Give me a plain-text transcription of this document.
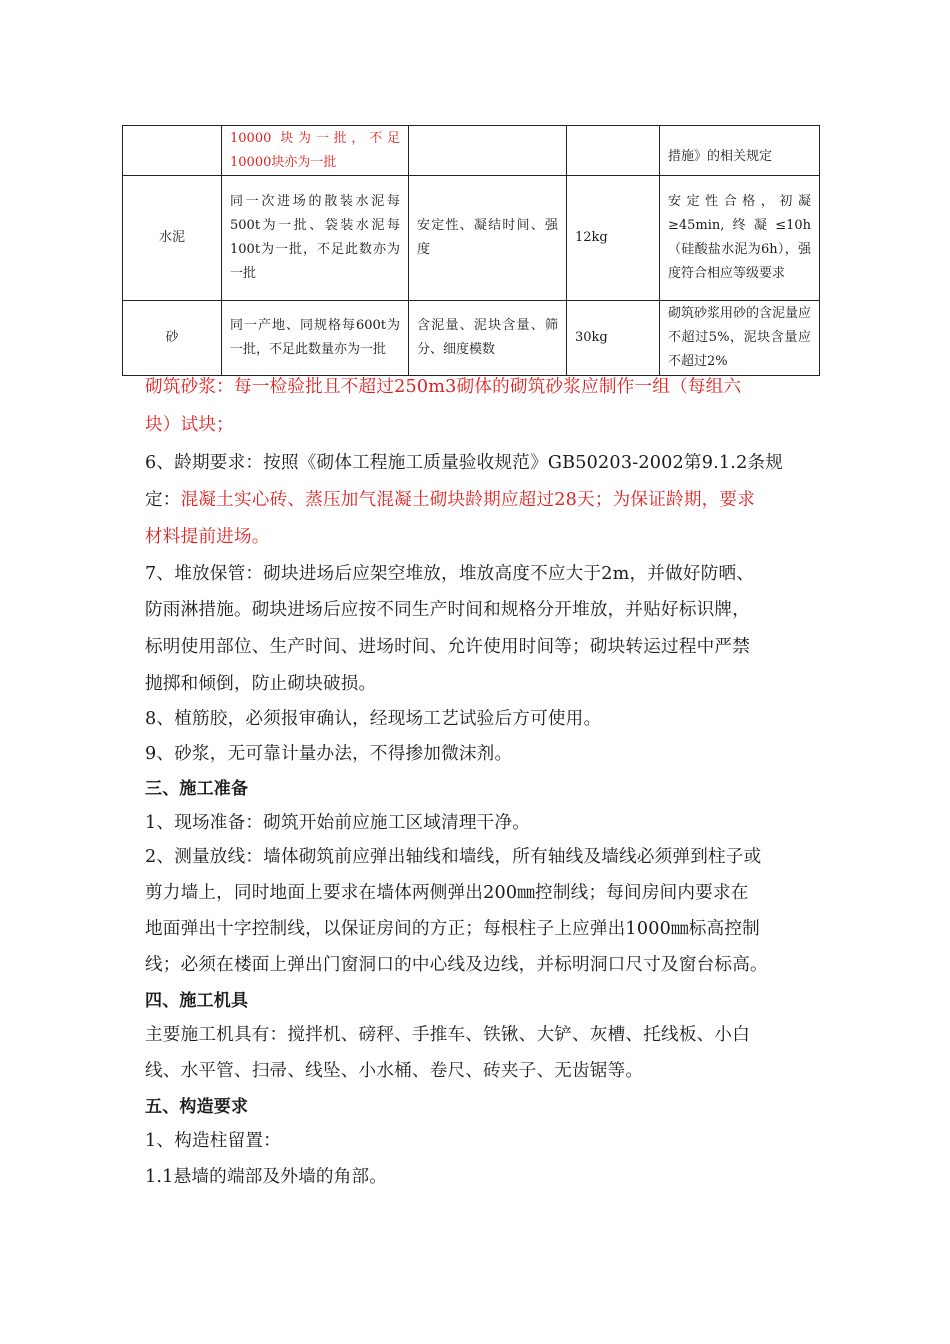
	10000 块为一批，不足10000块亦为一批			措施》的相关规定
水泥	同一次进场的散装水泥每500t为一批、袋装水泥每100t为一批，不足此数亦为一批	安定性、凝结时间、强度	12kg	安定性合格，初凝≥45min,终凝≤10h（硅酸盐水泥为6h），强度符合相应等级要求
砂	同一产地、同规格每600t为一批，不足此数量亦为一批	含泥量、泥块含量、筛分、细度模数	30kg	砌筑砂浆用砂的含泥量应不超过5%，泥块含量应不超过2%
砌筑砂浆：每一检验批且不超过250m3砌体的砌筑砂浆应制作一组（每组六
块）试块；
6、龄期要求：按照《砌体工程施工质量验收规范》GB50203-2002第9.1.2条规
定：混凝土实心砖、蒸压加气混凝土砌块龄期应超过28天；为保证龄期，要求
材料提前进场。
7、堆放保管：砌块进场后应架空堆放，堆放高度不应大于2m，并做好防晒、
防雨淋措施。砌块进场后应按不同生产时间和规格分开堆放，并贴好标识牌，
标明使用部位、生产时间、进场时间、允许使用时间等；砌块转运过程中严禁
抛掷和倾倒，防止砌块破损。
8、植筋胶，必须报审确认，经现场工艺试验后方可使用。
9、砂浆，无可靠计量办法，不得掺加微沫剂。
三、施工准备
1、现场准备：砌筑开始前应施工区域清理干净。
2、测量放线：墙体砌筑前应弹出轴线和墙线，所有轴线及墙线必须弹到柱子或
剪力墙上，同时地面上要求在墙体两侧弹出200㎜控制线；每间房间内要求在
地面弹出十字控制线，以保证房间的方正；每根柱子上应弹出1000㎜标高控制
线；必须在楼面上弹出门窗洞口的中心线及边线，并标明洞口尺寸及窗台标高。
四、施工机具
主要施工机具有：搅拌机、磅秤、手推车、铁锹、大铲、灰槽、托线板、小白
线、水平管、扫帚、线坠、小水桶、卷尺、砖夹子、无齿锯等。
五、构造要求
1、构造柱留置：
1.1悬墙的端部及外墙的角部。
